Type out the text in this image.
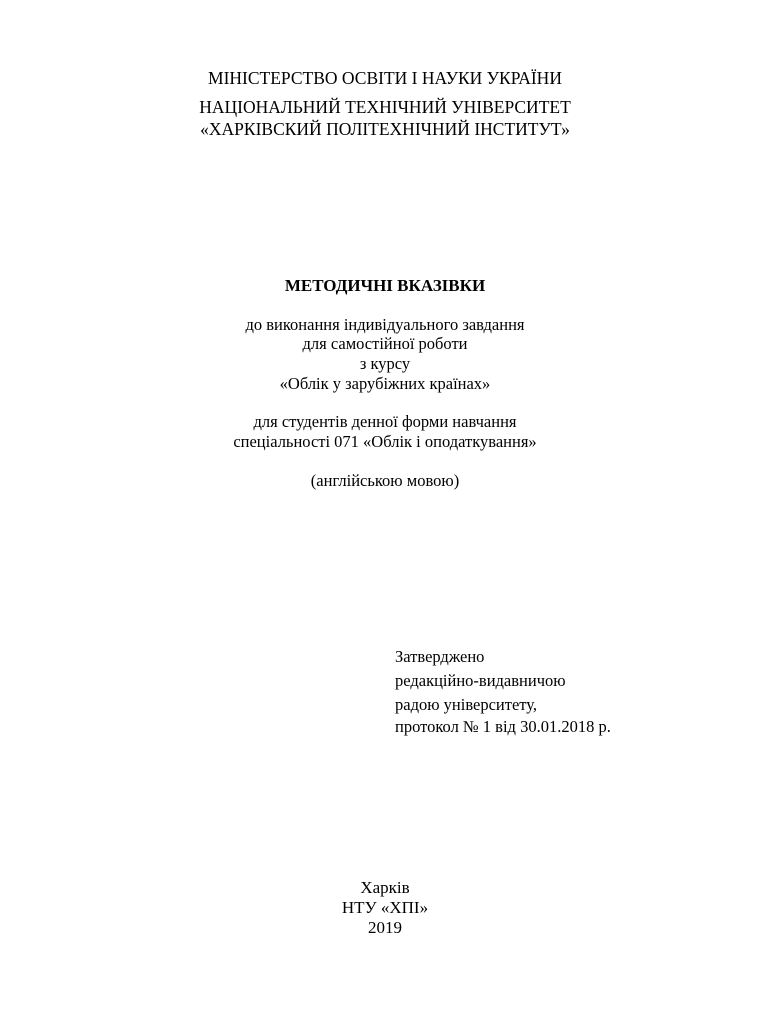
МІНІСТЕРСТВО ОСВІТИ І НАУКИ УКРАЇНИ
НАЦІОНАЛЬНИЙ ТЕХНІЧНИЙ УНІВЕРСИТЕТ
«ХАРКІВСКИЙ ПОЛІТЕХНІЧНИЙ ІНСТИТУТ»
МЕТОДИЧНІ ВКАЗІВКИ
до виконання індивідуального завдання
для самостійної роботи
з курсу
«Облік у зарубіжних країнах»
для студентів денної форми навчання
спеціальності 071 «Облік і оподаткування»
(англійською мовою)
Затверджено
редакційно-видавничою
радою університету,
протокол № 1 від 30.01.2018 р.
Харків
НТУ «ХПІ»
2019
